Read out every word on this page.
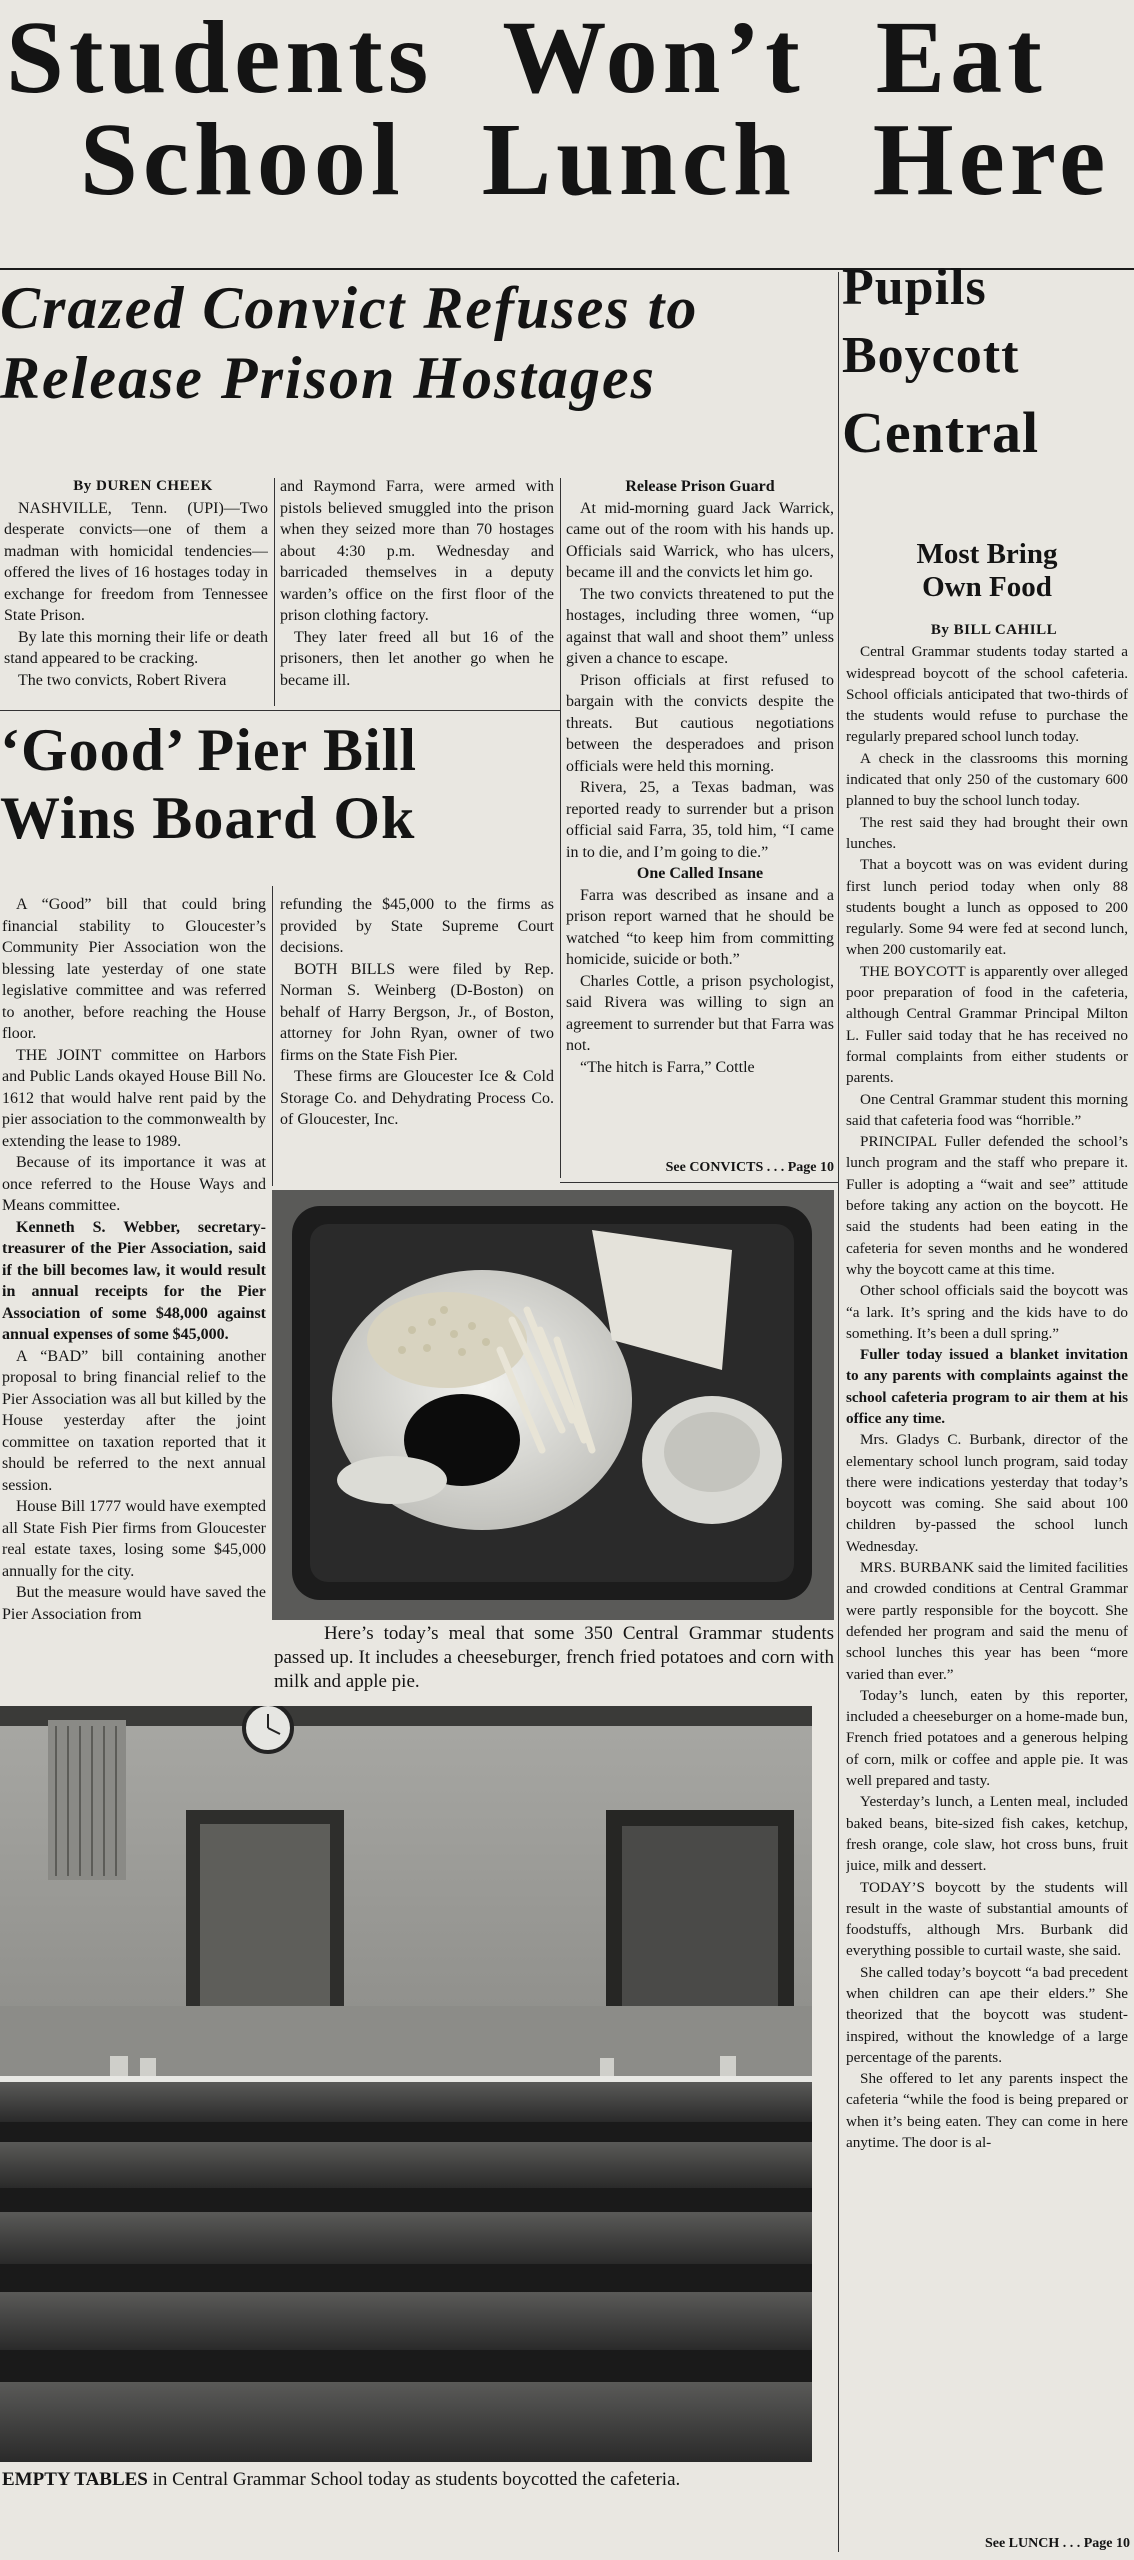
Students Won’t Eat
School Lunch Here
Crazed Convict Refuses to
Release Prison Hostages

By DUREN CHEEK

NASHVILLE, Tenn. (UPI)—Two desperate convicts—one of them a madman with homicidal tendencies—offered the lives of 16 hostages today in exchange for freedom from Tennessee State Prison.

By late this morning their life or death stand appeared to be cracking.

The two convicts, Robert Rivera

and Raymond Farra, were armed with pistols believed smuggled into the prison when they seized more than 70 hostages about 4:30 p.m. Wednesday and barricaded themselves in a deputy warden’s office on the first floor of the prison clothing factory.

They later freed all but 16 of the prisoners, then let another go when he became ill.

Release Prison Guard

At mid-morning guard Jack Warrick, came out of the room with his hands up. Officials said Warrick, who has ulcers, became ill and the convicts let him go.

The two convicts threatened to put the hostages, including three women, “up against that wall and shoot them” unless given a chance to escape.

Prison officials at first refused to bargain with the convicts despite the threats. But cautious negotiations between the desperadoes and prison officials were held this morning.

Rivera, 25, a Texas badman, was reported ready to surrender but a prison official said Farra, 35, told him, “I came in to die, and I’m going to die.”

One Called Insane

Farra was described as insane and a prison report warned that he should be watched “to keep him from committing homicide, suicide or both.”

Charles Cottle, a prison psychologist, said Rivera was willing to sign an agreement to surrender but that Farra was not.

“The hitch is Farra,” Cottle

See CONVICTS . . . Page 10
‘Good’ Pier Bill
Wins Board Ok

A “Good” bill that could bring financial stability to Gloucester’s Community Pier Association won the blessing late yesterday of one state legislative committee and was referred to another, before reaching the House floor.

THE JOINT committee on Harbors and Public Lands okayed House Bill No. 1612 that would halve rent paid by the pier association to the commonwealth by extending the lease to 1989.

Because of its importance it was at once referred to the House Ways and Means committee.

Kenneth S. Webber, secretary-treasurer of the Pier Association, said if the bill becomes law, it would result in annual receipts for the Pier Association of some $48,000 against annual expenses of some $45,000.

A “BAD” bill containing another proposal to bring financial relief to the Pier Association was all but killed by the House yesterday after the joint committee on taxation reported that it should be referred to the next annual session.

House Bill 1777 would have exempted all State Fish Pier firms from Gloucester real estate taxes, losing some $45,000 annually for the city.

But the measure would have saved the Pier Association from

refunding the $45,000 to the firms as provided by State Supreme Court decisions.

BOTH BILLS were filed by Rep. Norman S. Weinberg (D-Boston) on behalf of Harry Bergson, Jr., of Boston, attorney for John Ryan, owner of two firms on the State Fish Pier.

These firms are Gloucester Ice & Cold Storage Co. and Dehydrating Process Co. of Gloucester, Inc.

Here’s today’s meal that some 350 Central Grammar students passed up. It includes a cheeseburger, french fried potatoes and corn with milk and apple pie.
EMPTY TABLES in Central Grammar School today as students boycotted the cafeteria.
Pupils
Boycott
Central
Most Bring
Own Food

By BILL CAHILL

Central Grammar students today started a widespread boycott of the school cafeteria. School officials anticipated that two-thirds of the students would refuse to purchase the regularly prepared school lunch today.

A check in the classrooms this morning indicated that only 250 of the customary 600 planned to buy the school lunch today.

The rest said they had brought their own lunches.

That a boycott was on was evident during first lunch period today when only 88 students bought a lunch as opposed to 200 regularly. Some 94 were fed at second lunch, when 200 customarily eat.

THE BOYCOTT is apparently over alleged poor preparation of food in the cafeteria, although Central Grammar Principal Milton L. Fuller said today that he has received no formal complaints from either students or parents.

One Central Grammar student this morning said that cafeteria food was “horrible.”

PRINCIPAL Fuller defended the school’s lunch program and the staff who prepare it. Fuller is adopting a “wait and see” attitude before taking any action on the boycott. He said the students had been eating in the cafeteria for seven months and he wondered why the boycott came at this time.

Other school officials said the boycott was “a lark. It’s spring and the kids have to do something. It’s been a dull spring.”

Fuller today issued a blanket invitation to any parents with complaints against the school cafeteria program to air them at his office any time.

Mrs. Gladys C. Burbank, director of the elementary school lunch program, said today there were indications yesterday that today’s boycott was coming. She said about 100 children by-passed the school lunch Wednesday.

MRS. BURBANK said the limited facilities and crowded conditions at Central Grammar were partly responsible for the boycott. She defended her program and said the menu of school lunches this year has been “more varied than ever.”

Today’s lunch, eaten by this reporter, included a cheeseburger on a home-made bun, French fried potatoes and a generous helping of corn, milk or coffee and apple pie. It was well prepared and tasty.

Yesterday’s lunch, a Lenten meal, included baked beans, bite-sized fish cakes, ketchup, fresh orange, cole slaw, hot cross buns, fruit juice, milk and dessert.

TODAY’S boycott by the students will result in the waste of substantial amounts of foodstuffs, although Mrs. Burbank did everything possible to curtail waste, she said.

She called today’s boycott “a bad precedent when children can ape their elders.” She theorized that the boycott was student-inspired, without the knowledge of a large percentage of the parents.

She offered to let any parents inspect the cafeteria “while the food is being prepared or when it’s being eaten. They can come in here anytime. The door is al-

See LUNCH . . . Page 10
